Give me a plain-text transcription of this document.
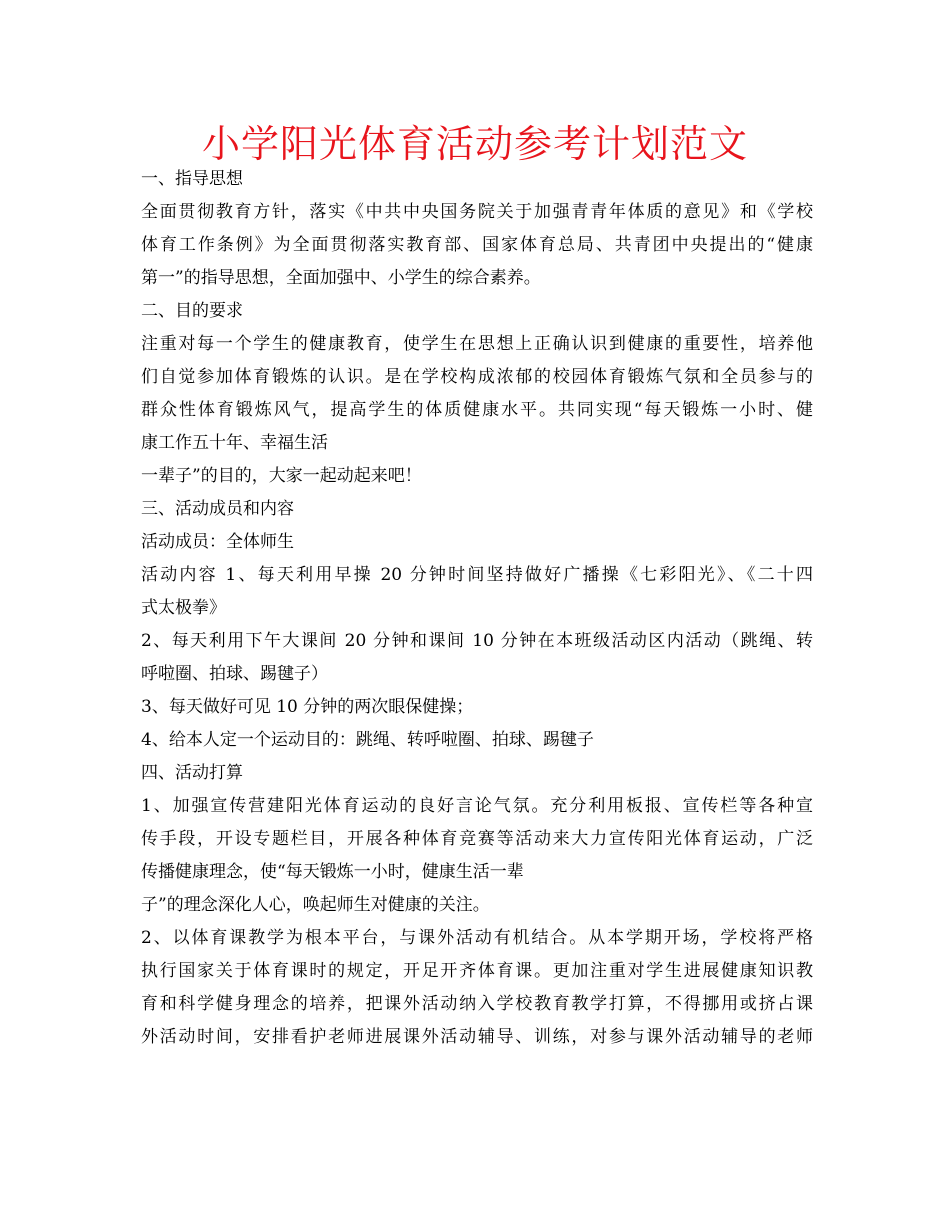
小学阳光体育活动参考计划范文
一、指导思想
全面贯彻教育方针，落实《中共中央国务院关于加强青青年体质的意见》和《学校
体育工作条例》为全面贯彻落实教育部、国家体育总局、共青团中央提出的“健康
第一”的指导思想，全面加强中、小学生的综合素养。
二、目的要求
注重对每一个学生的健康教育，使学生在思想上正确认识到健康的重要性，培养他
们自觉参加体育锻炼的认识。是在学校构成浓郁的校园体育锻炼气氛和全员参与的
群众性体育锻炼风气，提高学生的体质健康水平。共同实现“每天锻炼一小时、健
康工作五十年、幸福生活
一辈子”的目的，大家一起动起来吧！
三、活动成员和内容
活动成员：全体师生
活动内容 1、每天利用早操 20 分钟时间坚持做好广播操《七彩阳光》、《二十四
式太极拳》
2、每天利用下午大课间 20 分钟和课间 10 分钟在本班级活动区内活动（跳绳、转
呼啦圈、拍球、踢毽子）
3、每天做好可见 10 分钟的两次眼保健操；
4、给本人定一个运动目的：跳绳、转呼啦圈、拍球、踢毽子
四、活动打算
1、加强宣传营建阳光体育运动的良好言论气氛。充分利用板报、宣传栏等各种宣
传手段，开设专题栏目，开展各种体育竞赛等活动来大力宣传阳光体育运动，广泛
传播健康理念，使“每天锻炼一小时，健康生活一辈
子”的理念深化人心，唤起师生对健康的关注。
2、以体育课教学为根本平台，与课外活动有机结合。从本学期开场，学校将严格
执行国家关于体育课时的规定，开足开齐体育课。更加注重对学生进展健康知识教
育和科学健身理念的培养，把课外活动纳入学校教育教学打算，不得挪用或挤占课
外活动时间，安排看护老师进展课外活动辅导、训练，对参与课外活动辅导的老师
